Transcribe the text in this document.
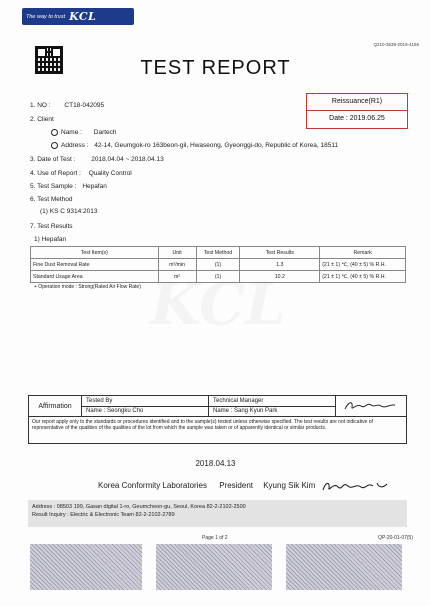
The way to trust KCL
Q210-3539-2019-4166
TEST REPORT
Reissuance(R1)
Date : 2019.06.25
1. NO : CT18-042095
2. Client
Name : Dartech
Address : 42-14, Geumgok-ro 163beon-gil, Hwaseong, Gyeonggi-do, Republic of Korea, 18511
3. Date of Test : 2018.04.04 ~ 2018.04.13
4. Use of Report : Quality Control
5. Test Sample : Hepafan
6. Test Method
(1) KS C 9314:2013
7. Test Results
1) Hepafan
Test Item(s)	Unit	Test Method	Test Results	Remark
Fine Dust Removal Rate	m³/min	(1)	1.3	(21 ± 1) ℃, (40 ± 5) % R.H.
Standard Usage Area	m²	(1)	10.2	(21 ± 1) ℃, (40 ± 5) % R.H.
+ Operation mode : Strong(Rated Air Flow Rate)
Affirmation
Tested By
Name : Seongku Cho
Technical Manager
Name : Sang Kyun Park
Our report apply only to the standards or procedures identified and to the sample(s) tested unless otherwise specified. The test results are not indicative of representative of the qualities of the qualities of the lot from which the sample was taken or of apparently identical or similar products.
2018.04.13
Korea Conformity Laboratories President Kyung Sik Kim
Address : 08503 199, Gasan digital 1-ro, Geumcheon-gu, Seoul, Korea 82-2-2102-2500
Result Inquiry : Electric & Electronic Team 82-2-2102-2789
Page 1 of 2	QP-20-01-07(5)
